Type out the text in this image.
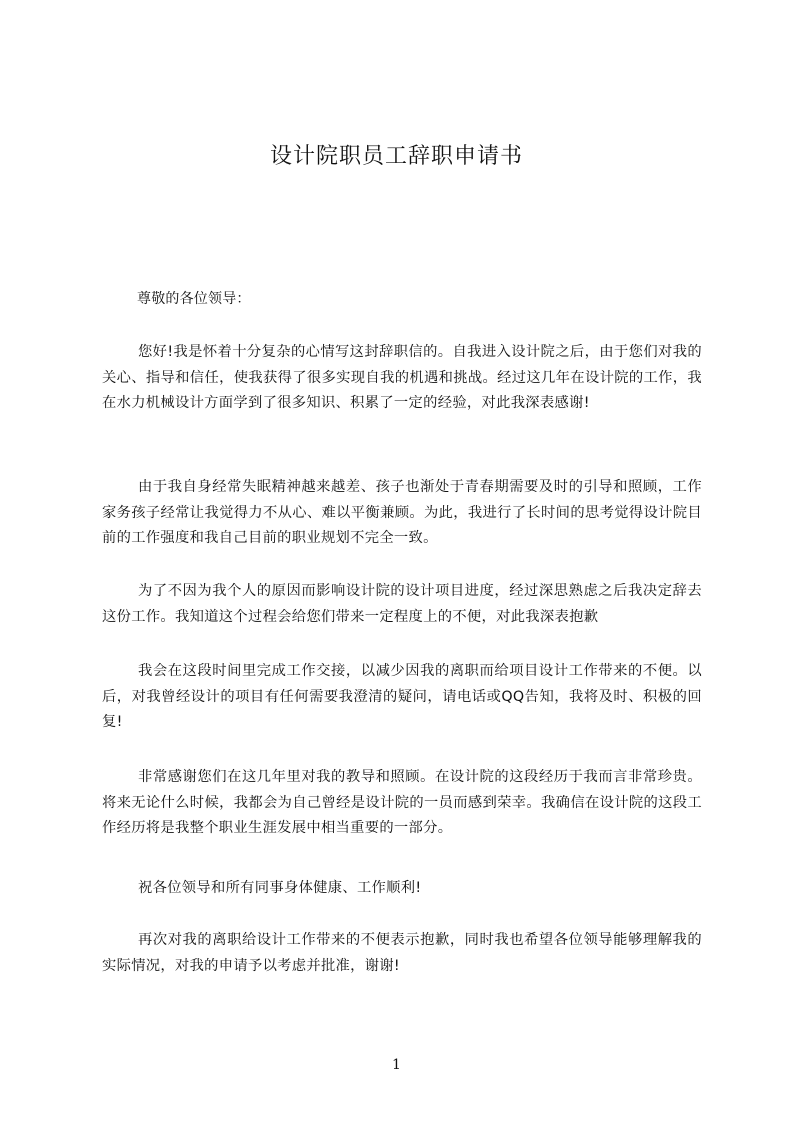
设计院职员工辞职申请书

尊敬的各位领导：

您好!我是怀着十分复杂的心情写这封辞职信的。自我进入设计院之后，由于您们对我的关心、指导和信任，使我获得了很多实现自我的机遇和挑战。经过这几年在设计院的工作，我在水力机械设计方面学到了很多知识、积累了一定的经验，对此我深表感谢!

由于我自身经常失眠精神越来越差、孩子也渐处于青春期需要及时的引导和照顾，工作家务孩子经常让我觉得力不从心、难以平衡兼顾。为此，我进行了长时间的思考觉得设计院目前的工作强度和我自己目前的职业规划不完全一致。

为了不因为我个人的原因而影响设计院的设计项目进度，经过深思熟虑之后我决定辞去这份工作。我知道这个过程会给您们带来一定程度上的不便，对此我深表抱歉

我会在这段时间里完成工作交接，以减少因我的离职而给项目设计工作带来的不便。以后，对我曾经设计的项目有任何需要我澄清的疑问，请电话或QQ告知，我将及时、积极的回复!

非常感谢您们在这几年里对我的教导和照顾。在设计院的这段经历于我而言非常珍贵。将来无论什么时候，我都会为自己曾经是设计院的一员而感到荣幸。我确信在设计院的这段工作经历将是我整个职业生涯发展中相当重要的一部分。

祝各位领导和所有同事身体健康、工作顺利!

再次对我的离职给设计工作带来的不便表示抱歉，同时我也希望各位领导能够理解我的实际情况，对我的申请予以考虑并批准，谢谢!

1
